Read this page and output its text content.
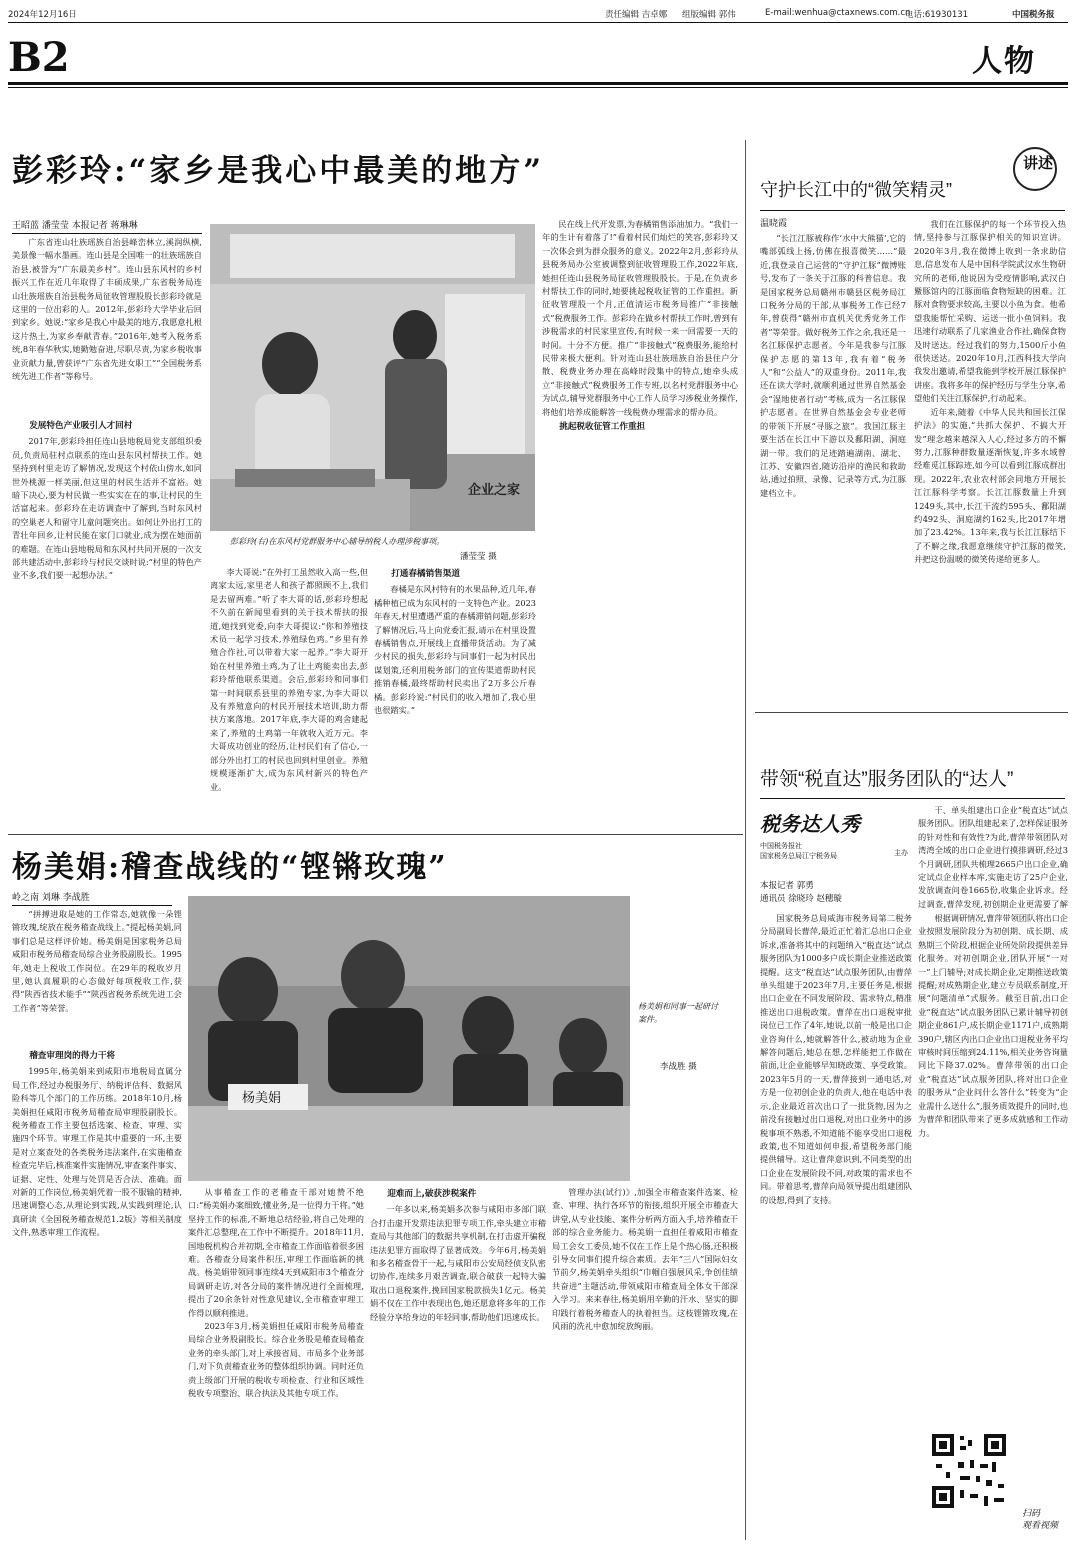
2024年12月16日	责任编辑 吉卓娜 组版编辑 郭伟	E-mail:wenhua@ctaxnews.com.cn
电话:61930131	中国税务报
B2	人物
彭彩玲:“家乡是我心中最美的地方”
王昭蓝 潘莹莹 本报记者 蒋琳琳

广东省连山壮族瑶族自治县峰峦林立,溪润纵横,美景像一幅水墨画。连山县是全国唯一的壮族瑶族自治县,被誉为“广东最美乡村”。连山县东风村的乡村振兴工作在近几年取得了丰硕成果,广东省税务局连山壮族瑶族自治县税务局征收管理股股长彭彩玲就是这里的一位出彩的人。2012年,彭彩玲大学毕业后回到家乡。她说:“家乡是我心中最美的地方,我愿意扎根这片热土,为家乡奉献青春。”2016年,她考入税务系统,8年春华秋实,她勤勉奋进,尽职尽责,为家乡税收事业贡献力量,曾获评“广东省先进女职工”“全国税务系统先进工作者”等称号。

发展特色产业吸引人才回村

2017年,彭彩玲担任连山县地税局党支部组织委员,负责局驻村点联系的连山县东风村帮扶工作。她坚持到村里走访了解情况,发现这个村依山傍水,如同世外桃源一样美丽,但这里的村民生活并不富裕。她暗下决心,要为村民做一些实实在在的事,让村民的生活富起来。彭彩玲在走访调查中了解到,当时东风村的空巢老人和留守儿童问题突出。如何让外出打工的青壮年回乡,让村民能在家门口就业,成为摆在她面前的难题。在连山县地税局和东风村共同开展的一次支部共建活动中,彭彩玲与村民交谈时说:“村里的特色产业不多,我们要一起想办法。”

企业之家
彭彩玲(右)在东风村党群服务中心辅导纳税人办理涉税事项。
潘莹莹 摄

李大哥说:“在外打工虽然收入高一些,但离家太远,家里老人和孩子都照顾不上,我们是去留两难。”听了李大哥的话,彭彩玲想起不久前在新闻里看到的关于技术帮扶的报道,她找到党委,向李大哥提议:“你和养殖技术员一起学习技术,养殖绿色鸡。”乡里有养殖合作社,可以带着大家一起养。”李大哥开始在村里养殖土鸡,为了让土鸡能卖出去,彭彩玲帮他联系渠道。会后,彭彩玲和同事们第一时间联系县里的养殖专家,为李大哥以及有养殖意向的村民开展技术培训,助力帮扶方案落地。2017年底,李大哥的鸡舍建起来了,养殖的土鸡第一年就收入近万元。李大哥成功创业的经历,让村民们有了信心,一部分外出打工的村民也回到村里创业。养殖规模逐渐扩大,成为东风村新兴的特色产业。

打通春橘销售渠道

春橘是东风村特有的水果品种,近几年,春橘种植已成为东风村的一支特色产业。2023年春天,村里遭遇严重的春橘滞销问题,彭彩玲了解情况后,马上向党委汇报,请示在村里设置春橘销售点,开展线上直播带货活动。为了减少村民的损失,彭彩玲与同事们一起为村民出谋划策,还利用税务部门的宣传渠道帮助村民推销春橘,最终帮助村民卖出了2万多公斤春橘。彭彩玲说:“村民们的收入增加了,我心里也很踏实。”

民在线上代开发票,为春橘销售添油加力。“我们一年的生计有着落了!”看着村民们灿烂的笑容,彭彩玲又一次体会到为群众服务的意义。2022年2月,彭彩玲从县税务局办公室被调整到征收管理股工作,2022年底,她担任连山县税务局征收管理股股长。于是,在负责乡村帮扶工作的同时,她要挑起税收征管的工作重担。新征收管理股一个月,正值清运市税务局推广“非接触式”税费服务工作。彭彩玲在做乡村帮扶工作时,曾到有涉税需求的村民家里宣传,有时候一来一回需要一天的时间。十分不方便。推广“非接触式”税费服务,能给村民带来极大便利。针对连山县壮族瑶族自治县住户分散、税费业务办理在高峰时段集中的特点,她牵头成立“非接触式”税费服务工作专班,以名村党群服务中心为试点,辅导党群服务中心工作人员学习涉税业务操作,将他们培养成能解答一线税费办理需求的帮办员。

挑起税收征管工作重担
杨美娟:稽查战线的“铿锵玫瑰”
岭之南 刘琳 李战胜

“拼搏进取是她的工作常态,她就像一朵铿锵玫瑰,绽放在税务稽查战线上。”提起杨美娟,同事们总是这样评价她。杨美娟是国家税务总局咸阳市税务局稽查局综合业务股副股长。1995年,她走上税收工作岗位。在29年的税收岁月里,她认真履职的心态做好每项税收工作,获得“陕西省技术能手”“陕西省税务系统先进工会工作者”等荣誉。

稽查审理岗的得力干将

1995年,杨美娟来到咸阳市地税局直属分局工作,经过办税服务厅、纳税评估科、数据风险科等几个部门的工作历练。2018年10月,杨美娟担任咸阳市税务局稽查局审理股副股长。税务稽查工作主要包括选案、检查、审理、实施四个环节。审理工作是其中重要的一环,主要是对立案查处的各类税务违法案件,在实施稽查检查完毕后,核准案件实施情况,审查案件事实、证据、定性、处理与处罚是否合法、准确。面对新的工作岗位,杨美娟凭着一股不服输的精神,迅速调整心态,从理论到实践,从实践到理论,认真研读《全国税务稽查规范1.2版》等相关制度文件,熟悉审理工作流程。

杨美娟
杨美娟和同事一起研讨案件。
李战胜 摄

从事稽查工作的老稽查干部对她赞不绝口:“杨美娟办案细致,懂业务,是一位得力干将。”她坚持工作的标准,不断地总结经验,将自己处理的案件汇总整理,在工作中不断提升。2018年11月,国地税机构合并初期,全市稽查工作面临着很多困难。各稽查分局案件积压,审理工作面临新的挑战。杨美娟带领同事连续4天到咸阳市3个稽查分局调研走访,对各分局的案件情况进行全面梳理,提出了20余条针对性意见建议,全市稽查审理工作得以顺利推进。

2023年3月,杨美娟担任咸阳市税务局稽查局综合业务股副股长。综合业务股是稽查局稽查业务的牵头部门,对上承接省局、市局多个业务部门,对下负责稽查业务的整体组织协调。同时还负责上级部门开展的税收专项检查、行业和区域性税收专项整治、联合执法及其他专项工作。

迎难而上,破获涉税案件

一年多以来,杨美娟多次参与咸阳市多部门联合打击虚开发票违法犯罪专项工作,牵头建立市稽查局与其他部门的数据共享机制,在打击虚开骗税违法犯罪方面取得了显著成效。今年6月,杨美娟和多名稽查骨干一起,与咸阳市公安局经侦支队密切协作,连续多月艰苦调查,联合破获一起特大骗取出口退税案件,挽回国家税款损失1亿元。杨美娟不仅在工作中表现出色,她还愿意将多年的工作经验分享给身边的年轻同事,帮助他们迅速成长。

管理办法(试行)》,加强全市稽查案件选案、检查、审理、执行各环节的衔接,组织开展全市稽查大讲堂,从专业技能、案件分析两方面入手,培养稽查干部的综合业务能力。杨美娟一直担任着咸阳市稽查局工会女工委员,她不仅在工作上是个热心肠,还积极引导女同事们提升综合素质。去年“三八”国际妇女节前夕,杨美娟牵头组织“巾帼自强展风采,争创佳绩共奋进”主题活动,带领咸阳市稽查局全体女干部深入学习。来来春往,杨美娟用辛勤的汗水、坚实的脚印践行着税务稽查人的执着担当。这枝铿锵玫瑰,在风雨的洗礼中愈加绽放绚丽。

守护长江中的“微笑精灵”
讲述
温晓霞

“长江江豚被称作‘水中大熊猫’,它的嘴部弧线上扬,仿佛在报喜微笑……”最近,我登录自己运营的“守护江豚”微博账号,发布了一条关于江豚的科普信息。我是国家税务总局赣州市赣县区税务局江口税务分局的干部,从事税务工作已经7年,曾获得“赣州市直机关优秀党务工作者”等荣誉。做好税务工作之余,我还是一名江豚保护志愿者。今年是我参与江豚保护志愿的第13年,我有着“税务人”和“公益人”的双重身份。2011年,我还在读大学时,就顺利通过世界自然基金会“湿地使者行动”考核,成为一名江豚保护志愿者。在世界自然基金会专业老师的带领下开展“寻豚之旅”。我国江豚主要生活在长江中下游以及鄱阳湖、洞庭湖一带。我们的足迹踏遍湖南、湖北、江苏、安徽四省,随访沿岸的渔民和救助站,通过拍照、录像、记录等方式,为江豚建档立卡。

我们在江豚保护的每一个环节投入热情,坚持参与江豚保护相关的知识宣讲。2020年3月,我在微博上收到一条求助信息,信息发布人是中国科学院武汉水生物研究所的老师,他说因为受疫情影响,武汉白鱀豚馆内的江豚面临食物短缺的困难。江豚对食物要求较高,主要以小鱼为食。他希望我能帮忙采购、运送一批小鱼饲料。我迅速行动联系了几家渔业合作社,确保食物及时送达。经过我们的努力,1500斤小鱼很快送达。2020年10月,江西科技大学向我发出邀请,希望我能到学校开展江豚保护讲座。我将多年的保护经历与学生分享,希望他们关注江豚保护,行动起来。

近年来,随着《中华人民共和国长江保护法》的实施,“共抓大保护、不搞大开发”理念越来越深入人心,经过多方的不懈努力,江豚种群数量逐渐恢复,许多水域曾经难觅江豚踪迹,如今可以看到江豚成群出现。2022年,农业农村部会同地方开展长江江豚科学考察。长江江豚数量上升到1249头,其中,长江干流约595头、鄱阳湖约492头、洞庭湖约162头,比2017年增加了23.42%。13年来,我与长江江豚结下了不解之缘,我愿意继续守护江豚的微笑,并把这份温暖的微笑传递给更多人。

带领“税直达”服务团队的“达人”
税务达人秀
中国税务报社
国家税务总局江宁税务局	主办
本报记者 郭勇
通讯员 徐晓玲 赵穗璇

干、单头组建出口企业“税直达”试点服务团队。团队组建起来了,怎样保证服务的针对性和有效性?为此,曹萍带领团队对湾湾全域的出口企业进行摸排调研,经过3个月调研,团队共梳理2665户出口企业,确定试点企业样本库,实施走访了25户企业,发放调查问卷1665份,收集企业诉求。经过调查,曹萍发现,初创期企业更需要了解

国家税务总局威海市税务局第二税务分局副局长曹萍,最近正忙着汇总出口企业诉求,准备将其中的问题纳入“税直达”试点服务团队为1000多户成长期企业推送政策提醒。这支“税直达”试点服务团队,由曹萍单头组建于2023年7月,主要任务是,根据出口企业在不同发展阶段、需求特点,精准推送出口退税政策。曹萍在出口退税审批岗位已工作了4年,她说,以前一般是出口企业咨询什么,她就解答什么,被动地为企业解答问题后,她总在想,怎样能把工作做在前面,让企业能够早知晓政策、享受政策。2023年5月的一天,曹萍接到一通电话,对方是一位初创企业的负责人,他在电话中表示,企业最近首次出口了一批货物,因为之前没有接触过出口退税,对出口业务中的涉税事项不熟悉,不知道能不能享受出口退税政策,也不知道如何申报,希望税务部门能提供辅导。这让曹萍意识到,不同类型的出口企业在发展阶段不同,对政策的需求也不同。带着思考,曹萍向局领导提出组建团队的设想,得到了支持。

根据调研情况,曹萍带领团队将出口企业按照发展阶段分为初创期、成长期、成熟期三个阶段,根据企业所处阶段提供差异化服务。对初创期企业,团队开展“一对一”上门辅导;对成长期企业,定期推送政策提醒;对成熟期企业,建立专员联系制度,开展“问题清单”式服务。截至目前,出口企业“税直达”试点服务团队已累计辅导初创期企业861户,成长期企业1171户,成熟期390户,辖区内出口企业出口退税业务平均审核时间压缩到24.11%,相关业务咨询量同比下降37.02%。曹萍带领的出口企业“税直达”试点服务团队,将对出口企业的服务从“企业问什么答什么”转变为“企业需什么送什么”,服务质效提升的同时,也为曹萍和团队带来了更多成就感和工作动力。

扫码
观看视频
